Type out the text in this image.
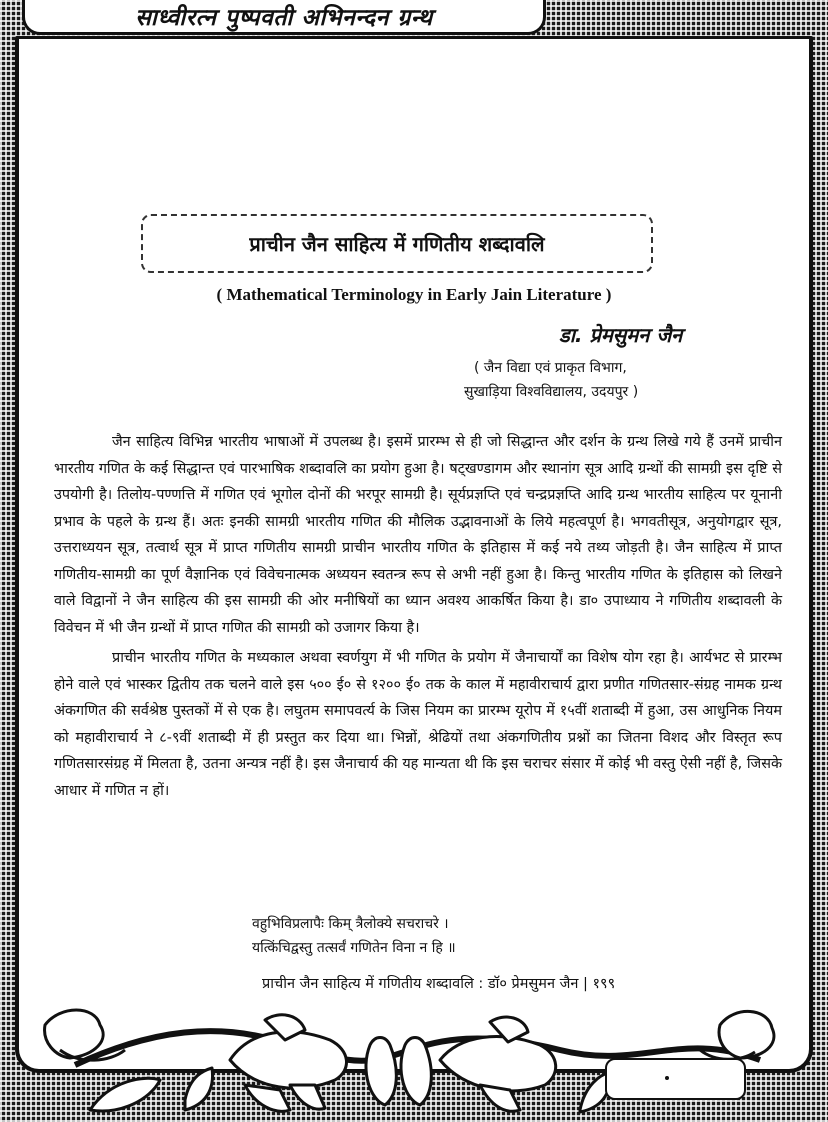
साध्वीरत्न पुष्पवती अभिनन्दन ग्रन्थ
प्राचीन जैन साहित्य में गणितीय शब्दावलि
( Mathematical Terminology in Early Jain Literature )
डा. प्रेमसुमन जैन
( जैन विद्या एवं प्राकृत विभाग,
सुखाड़िया विश्वविद्यालय, उदयपुर )

जैन साहित्य विभिन्न भारतीय भाषाओं में उपलब्ध है। इसमें प्रारम्भ से ही जो सिद्धान्त और दर्शन के ग्रन्थ लिखे गये हैं उनमें प्राचीन भारतीय गणित के कई सिद्धान्त एवं पारभाषिक शब्दावलि का प्रयोग हुआ है। षट्खण्डागम और स्थानांग सूत्र आदि ग्रन्थों की सामग्री इस दृष्टि से उपयोगी है। तिलोय-पण्णत्ति में गणित एवं भूगोल दोनों की भरपूर सामग्री है। सूर्यप्रज्ञप्ति एवं चन्द्रप्रज्ञप्ति आदि ग्रन्थ भारतीय साहित्य पर यूनानी प्रभाव के पहले के ग्रन्थ हैं। अतः इनकी सामग्री भारतीय गणित की मौलिक उद्भावनाओं के लिये महत्वपूर्ण है। भगवतीसूत्र, अनुयोगद्वार सूत्र, उत्तराध्ययन सूत्र, तत्वार्थ सूत्र में प्राप्त गणितीय सामग्री प्राचीन भारतीय गणित के इतिहास में कई नये तथ्य जोड़ती है। जैन साहित्य में प्राप्त गणितीय-सामग्री का पूर्ण वैज्ञानिक एवं विवेचनात्मक अध्ययन स्वतन्त्र रूप से अभी नहीं हुआ है। किन्तु भारतीय गणित के इतिहास को लिखने वाले विद्वानों ने जैन साहित्य की इस सामग्री की ओर मनीषियों का ध्यान अवश्य आकर्षित किया है। डा० उपाध्याय ने गणितीय शब्दावली के विवेचन में भी जैन ग्रन्थों में प्राप्त गणित की सामग्री को उजागर किया है।

प्राचीन भारतीय गणित के मध्यकाल अथवा स्वर्णयुग में भी गणित के प्रयोग में जैनाचार्यों का विशेष योग रहा है। आर्यभट से प्रारम्भ होने वाले एवं भास्कर द्वितीय तक चलने वाले इस ५०० ई० से १२०० ई० तक के काल में महावीराचार्य द्वारा प्रणीत गणितसार-संग्रह नामक ग्रन्थ अंकगणित की सर्वश्रेष्ठ पुस्तकों में से एक है। लघुतम समापवर्त्य के जिस नियम का प्रारम्भ यूरोप में १५वीं शताब्दी में हुआ, उस आधुनिक नियम को महावीराचार्य ने ८-९वीं शताब्दी में ही प्रस्तुत कर दिया था। भिन्नों, श्रेढियों तथा अंकगणितीय प्रश्नों का जितना विशद और विस्तृत रूप गणितसारसंग्रह में मिलता है, उतना अन्यत्र नहीं है। इस जैनाचार्य की यह मान्यता थी कि इस चराचर संसार में कोई भी वस्तु ऐसी नहीं है, जिसके आधार में गणित न हों।

वहुभिविप्रलापैः किम् त्रैलोक्ये सचराचरे ।
यत्किंचिद्वस्तु तत्सर्वं गणितेन विना न हि ॥
प्राचीन जैन साहित्य में गणितीय शब्दावलि : डॉ० प्रेमसुमन जैन | १९९
